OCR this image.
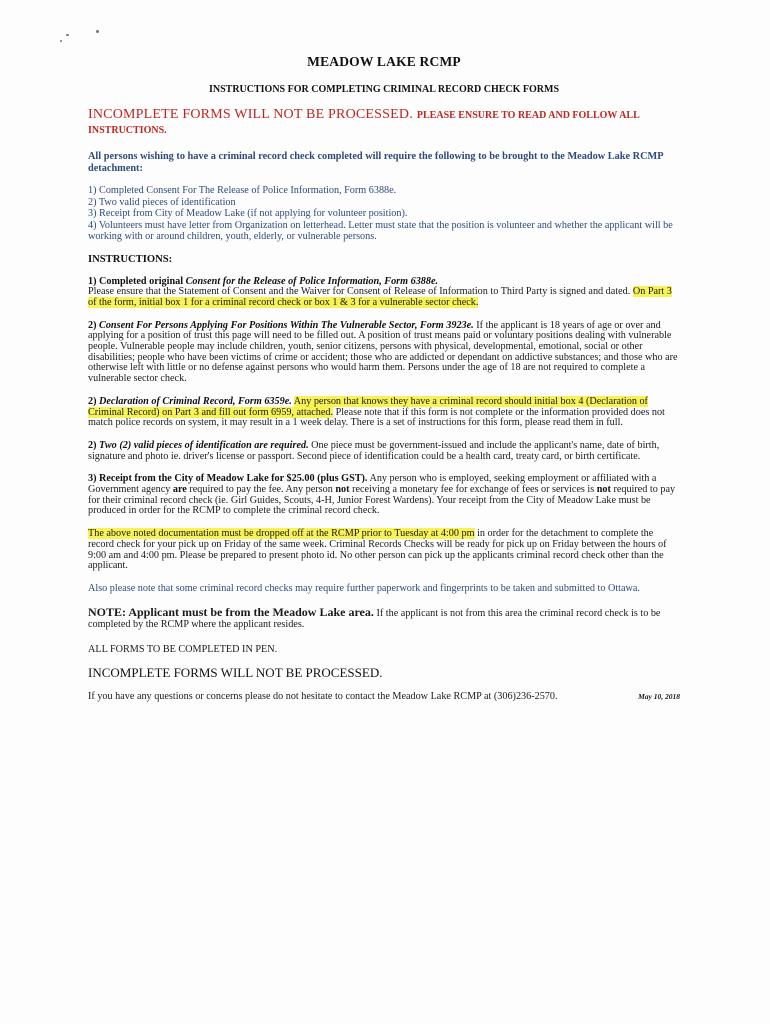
MEADOW LAKE RCMP

INSTRUCTIONS FOR COMPLETING CRIMINAL RECORD CHECK FORMS

INCOMPLETE FORMS WILL NOT BE PROCESSED. PLEASE ENSURE TO READ AND FOLLOW ALL INSTRUCTIONS.

All persons wishing to have a criminal record check completed will require the following to be brought to the Meadow Lake RCMP detachment:

1) Completed Consent For The Release of Police Information, Form 6388e.
2) Two valid pieces of identification
3) Receipt from City of Meadow Lake (if not applying for volunteer position).
4) Volunteers must have letter from Organization on letterhead. Letter must state that the position is volunteer and whether the applicant will be working with or around children, youth, elderly, or vulnerable persons.

INSTRUCTIONS:

1) Completed original Consent for the Release of Police Information, Form 6388e.
Please ensure that the Statement of Consent and the Waiver for Consent of Release of Information to Third Party is signed and dated. On Part 3 of the form, initial box 1 for a criminal record check or box 1 & 3 for a vulnerable sector check.

2) Consent For Persons Applying For Positions Within The Vulnerable Sector, Form 3923e. If the applicant is 18 years of age or over and applying for a position of trust this page will need to be filled out. A position of trust means paid or voluntary positions dealing with vulnerable people. Vulnerable people may include children, youth, senior citizens, persons with physical, developmental, emotional, social or other disabilities; people who have been victims of crime or accident; those who are addicted or dependant on addictive substances; and those who are otherwise left with little or no defense against persons who would harm them. Persons under the age of 18 are not required to complete a vulnerable sector check.

2) Declaration of Criminal Record, Form 6359e. Any person that knows they have a criminal record should initial box 4 (Declaration of Criminal Record) on Part 3 and fill out form 6959, attached. Please note that if this form is not complete or the information provided does not match police records on system, it may result in a 1 week delay. There is a set of instructions for this form, please read them in full.

2) Two (2) valid pieces of identification are required. One piece must be government-issued and include the applicant's name, date of birth, signature and photo ie. driver's license or passport. Second piece of identification could be a health card, treaty card, or birth certificate.

3) Receipt from the City of Meadow Lake for $25.00 (plus GST). Any person who is employed, seeking employment or affiliated with a Government agency are required to pay the fee. Any person not receiving a monetary fee for exchange of fees or services is not required to pay for their criminal record check (ie. Girl Guides, Scouts, 4-H, Junior Forest Wardens). Your receipt from the City of Meadow Lake must be produced in order for the RCMP to complete the criminal record check.

The above noted documentation must be dropped off at the RCMP prior to Tuesday at 4:00 pm in order for the detachment to complete the record check for your pick up on Friday of the same week. Criminal Records Checks will be ready for pick up on Friday between the hours of 9:00 am and 4:00 pm. Please be prepared to present photo id. No other person can pick up the applicants criminal record check other than the applicant.

Also please note that some criminal record checks may require further paperwork and fingerprints to be taken and submitted to Ottawa.

NOTE: Applicant must be from the Meadow Lake area. If the applicant is not from this area the criminal record check is to be completed by the RCMP where the applicant resides.

ALL FORMS TO BE COMPLETED IN PEN.

INCOMPLETE FORMS WILL NOT BE PROCESSED.

If you have any questions or concerns please do not hesitate to contact the Meadow Lake RCMP at (306)236-2570.	May 10, 2018
